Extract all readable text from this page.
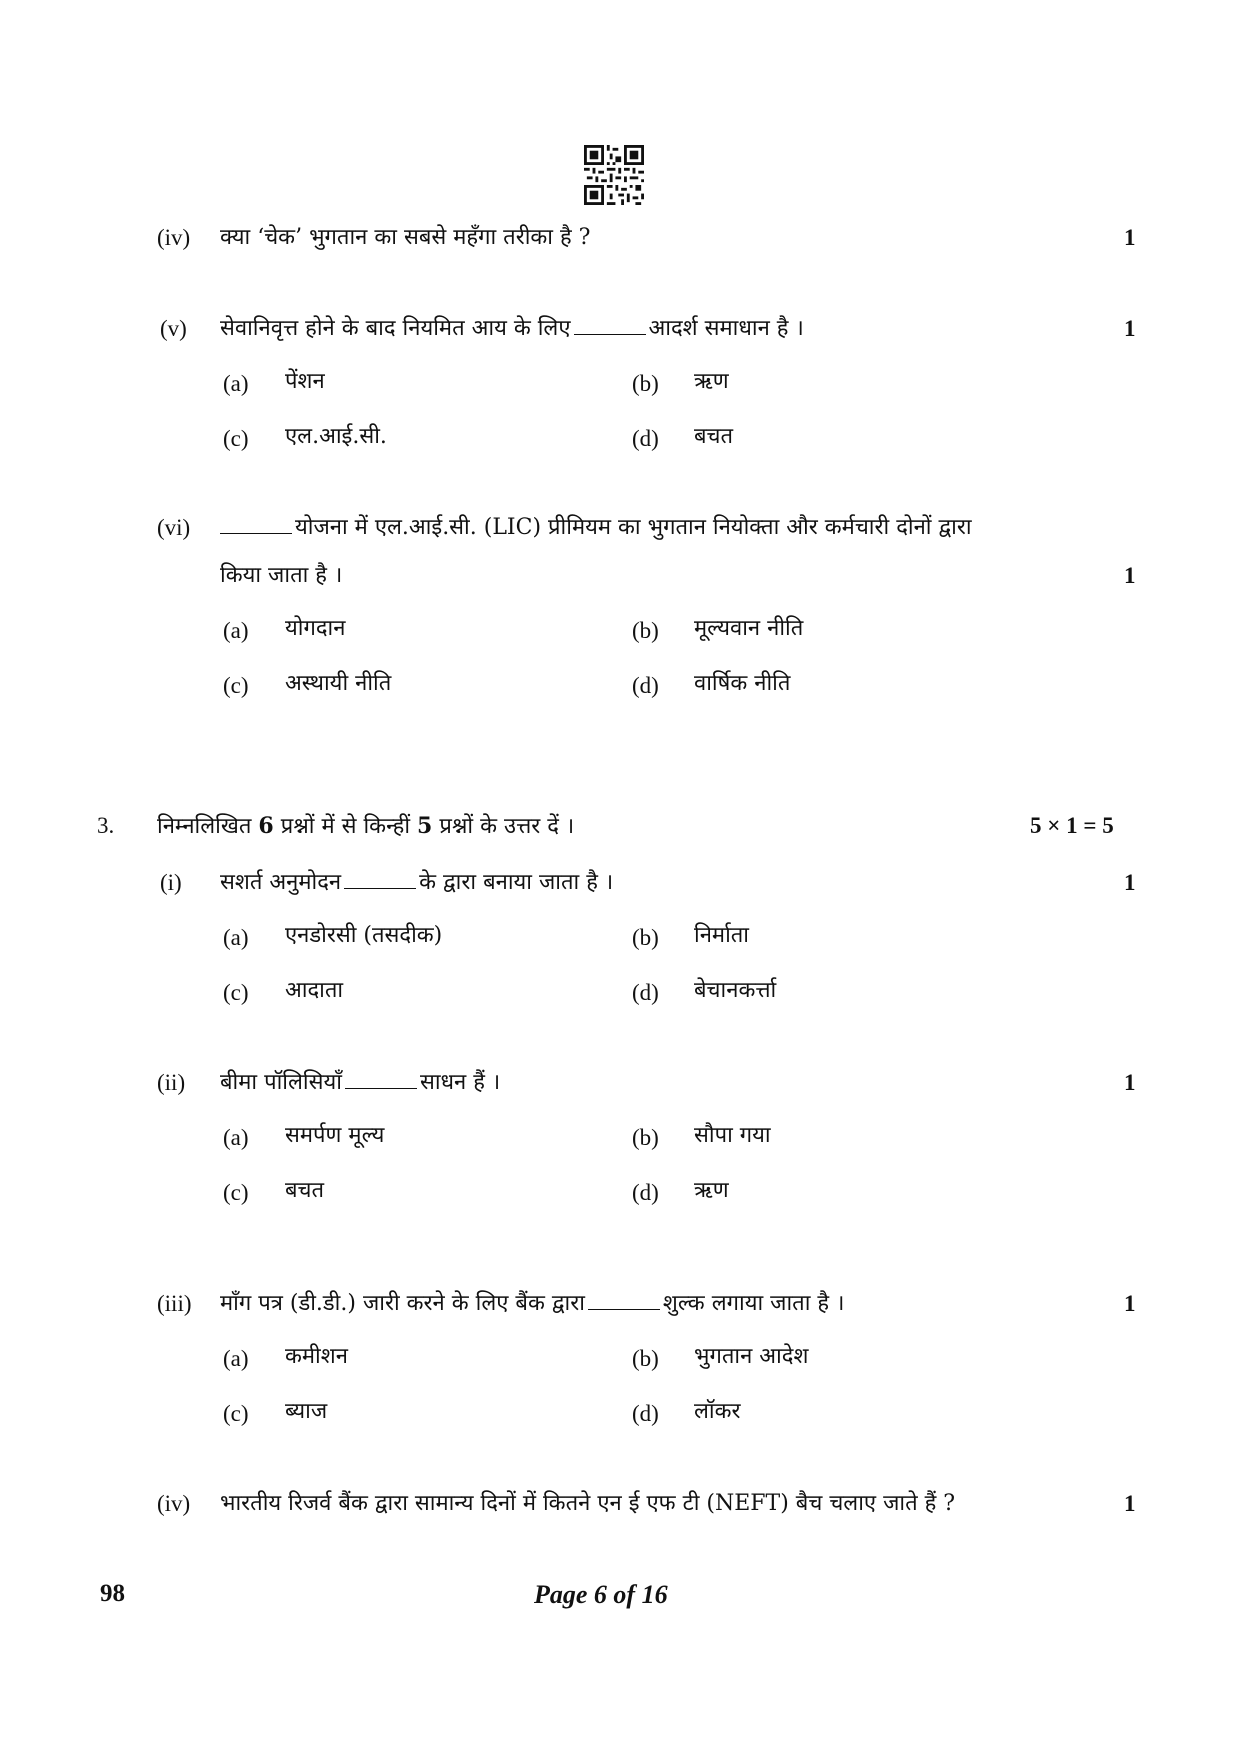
(iv) क्या ‘चेक’ भुगतान का सबसे महँगा तरीका है ?	1
(v) सेवानिवृत्त होने के बाद नियमित आय के लिए	आदर्श समाधान है ।	1
(a) पेंशन	(b) ऋण
(c) एल.आई.सी.	(d) बचत
(vi)	योजना में एल.आई.सी. (LIC) प्रीमियम का भुगतान नियोक्ता और कर्मचारी दोनों द्वारा
किया जाता है ।	1
(a) योगदान	(b) मूल्यवान नीति
(c) अस्थायी नीति	(d) वार्षिक नीति
3. निम्नलिखित 6 प्रश्नों में से किन्हीं 5 प्रश्नों के उत्तर दें ।	5 × 1 = 5
(i) सशर्त अनुमोदन	के द्वारा बनाया जाता है ।	1
(a) एनडोरसी (तसदीक)	(b) निर्माता
(c) आदाता	(d) बेचानकर्त्ता
(ii) बीमा पॉलिसियाँ	साधन हैं ।	1
(a) समर्पण मूल्य	(b) सौपा गया
(c) बचत	(d) ऋण
(iii) माँग पत्र (डी.डी.) जारी करने के लिए बैंक द्वारा	शुल्क लगाया जाता है ।	1
(a) कमीशन	(b) भुगतान आदेश
(c) ब्याज	(d) लॉकर
(iv) भारतीय रिजर्व बैंक द्वारा सामान्य दिनों में कितने एन ई एफ टी (NEFT) बैच चलाए जाते हैं ?	1
98	Page 6 of 16
